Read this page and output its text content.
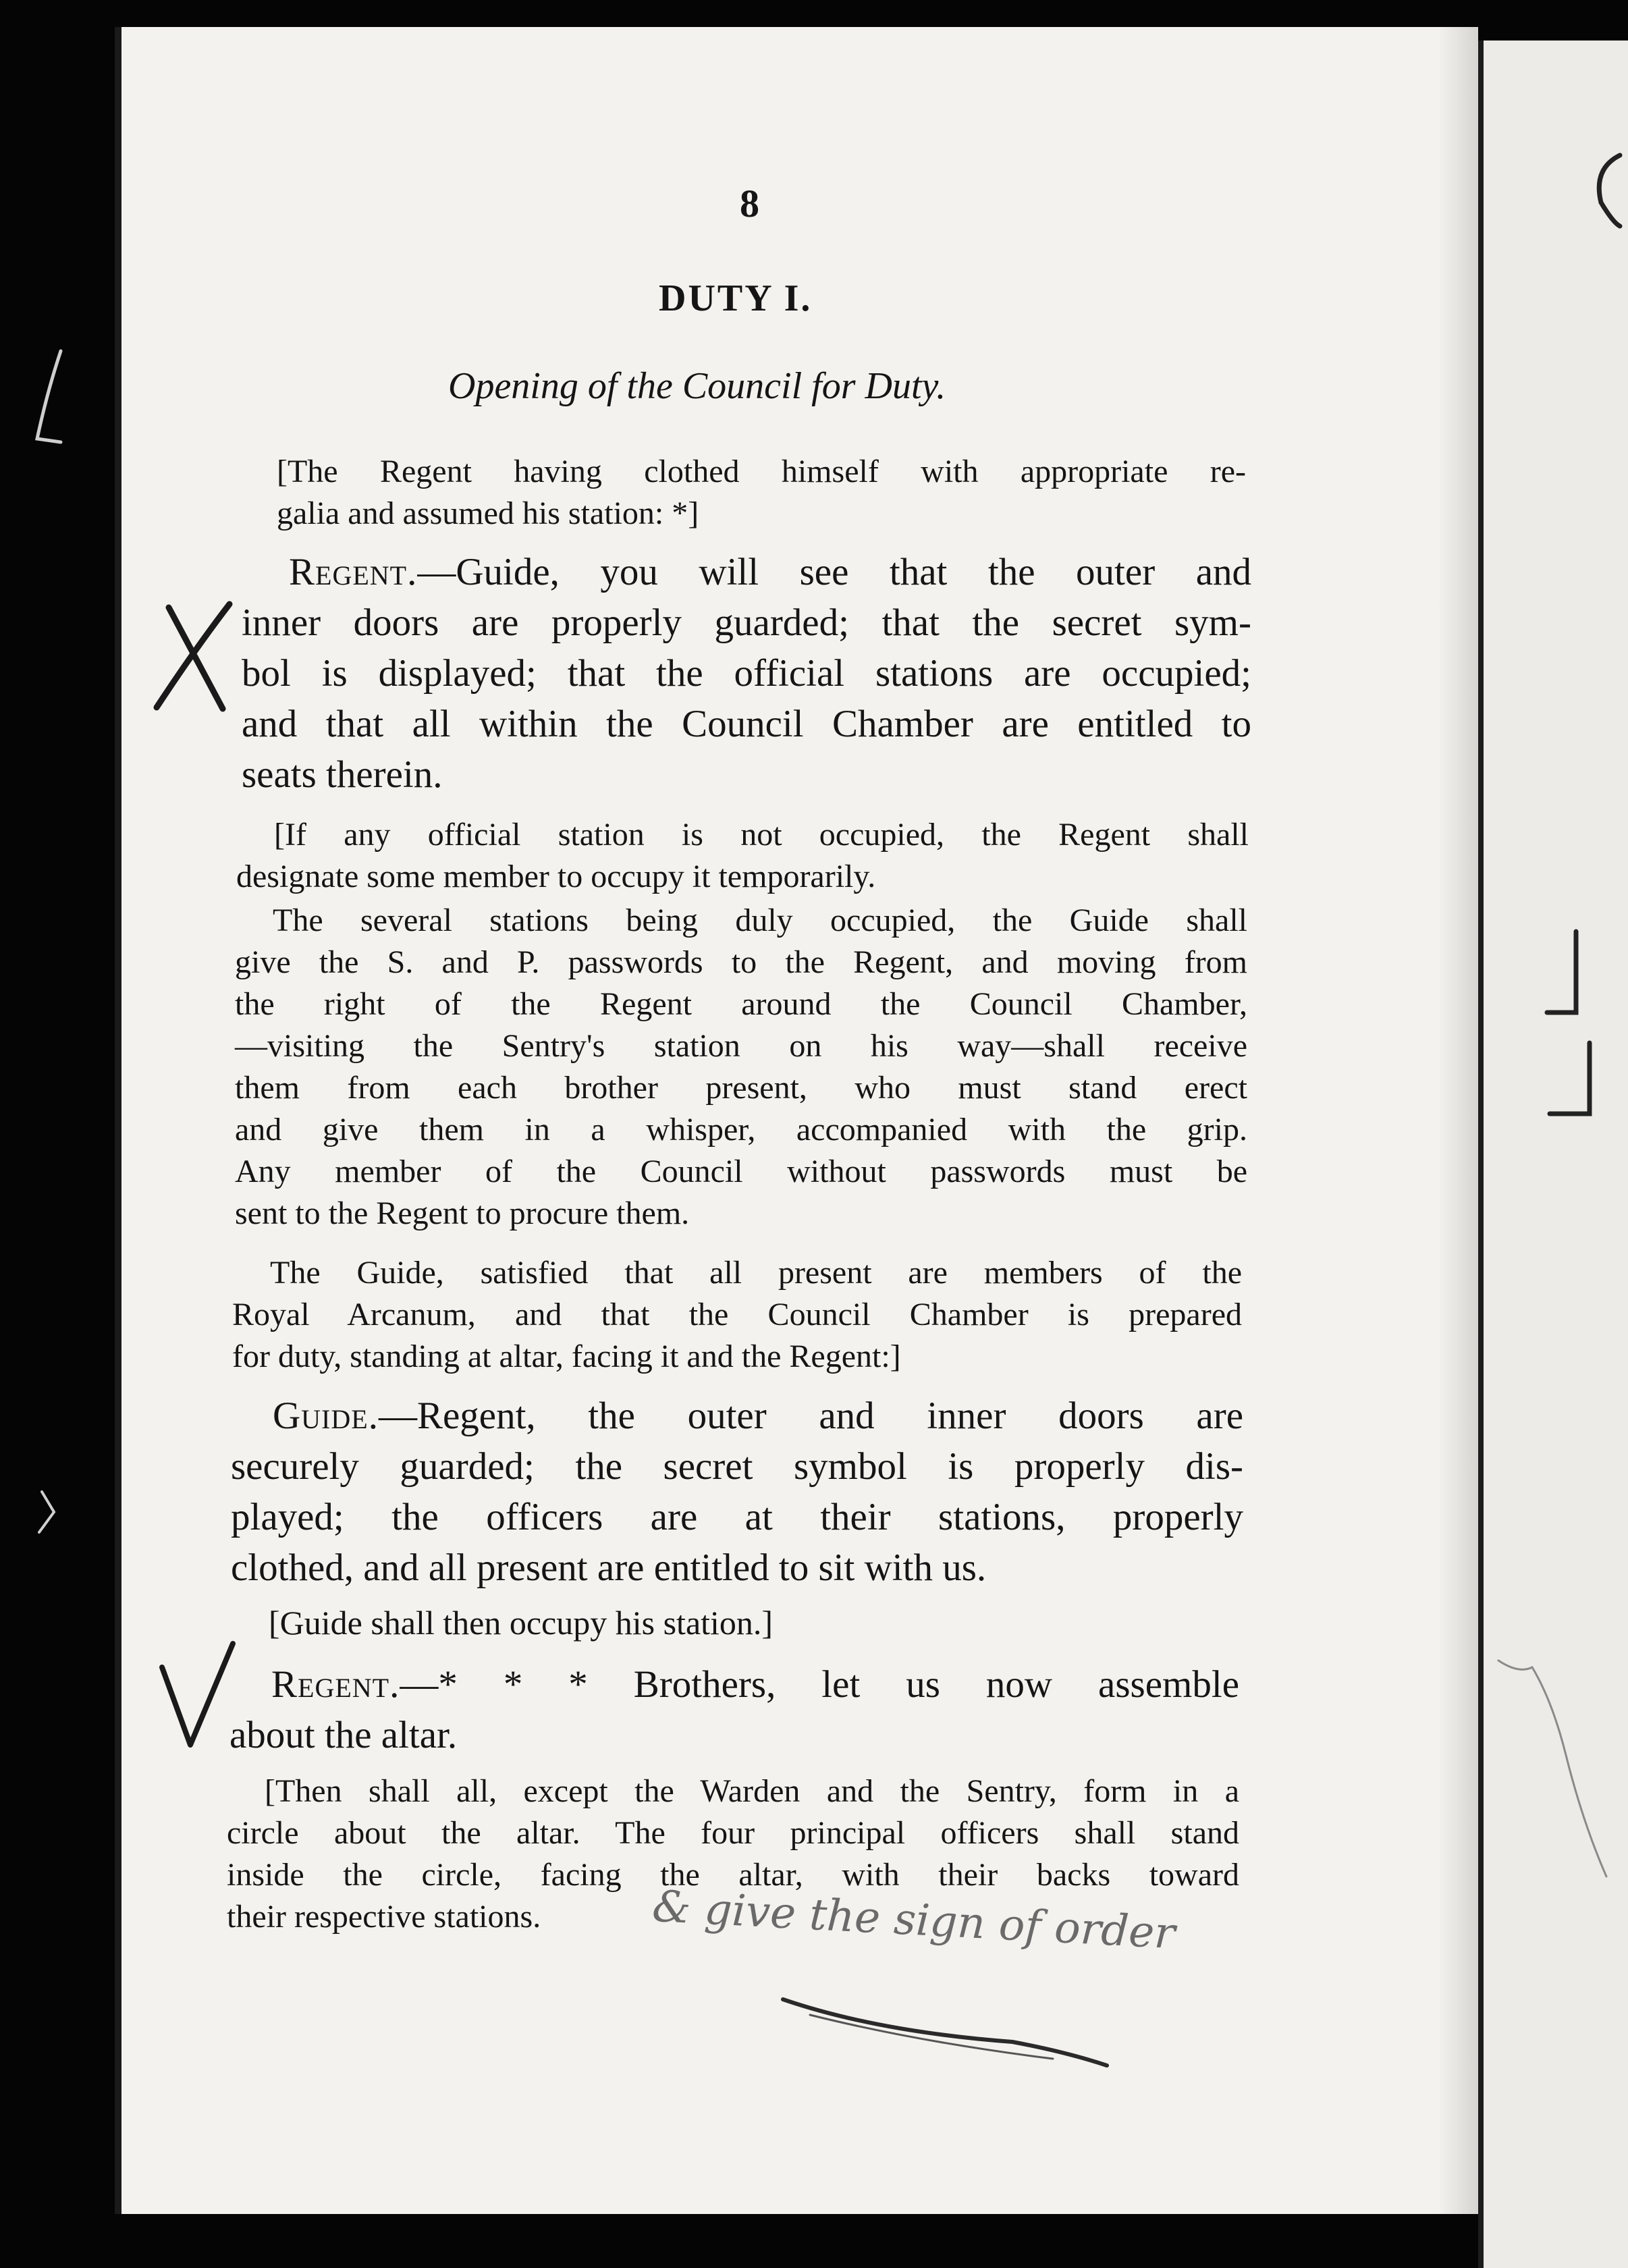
8
DUTY I.
Opening of the Council for Duty.
[The Regent having clothed himself with appropriate re-
galia and assumed his station: *]
Regent.—Guide, you will see that the outer and
inner doors are properly guarded; that the secret sym-
bol is displayed; that the official stations are occupied;
and that all within the Council Chamber are entitled to
seats therein.
[If any official station is not occupied, the Regent shall
designate some member to occupy it temporarily.
The several stations being duly occupied, the Guide shall
give the S. and P. passwords to the Regent, and moving from
the right of the Regent around the Council Chamber,
—visiting the Sentry's station on his way—shall receive
them from each brother present, who must stand erect
and give them in a whisper, accompanied with the grip.
Any member of the Council without passwords must be
sent to the Regent to procure them.
The Guide, satisfied that all present are members of the
Royal Arcanum, and that the Council Chamber is prepared
for duty, standing at altar, facing it and the Regent:]
Guide.—Regent, the outer and inner doors are
securely guarded; the secret symbol is properly dis-
played; the officers are at their stations, properly
clothed, and all present are entitled to sit with us.
[Guide shall then occupy his station.]
Regent.—* * * Brothers, let us now assemble
about the altar.
[Then shall all, except the Warden and the Sentry, form in a
circle about the altar. The four principal officers shall stand
inside the circle, facing the altar, with their backs toward
their respective stations.	& give the sign of order
